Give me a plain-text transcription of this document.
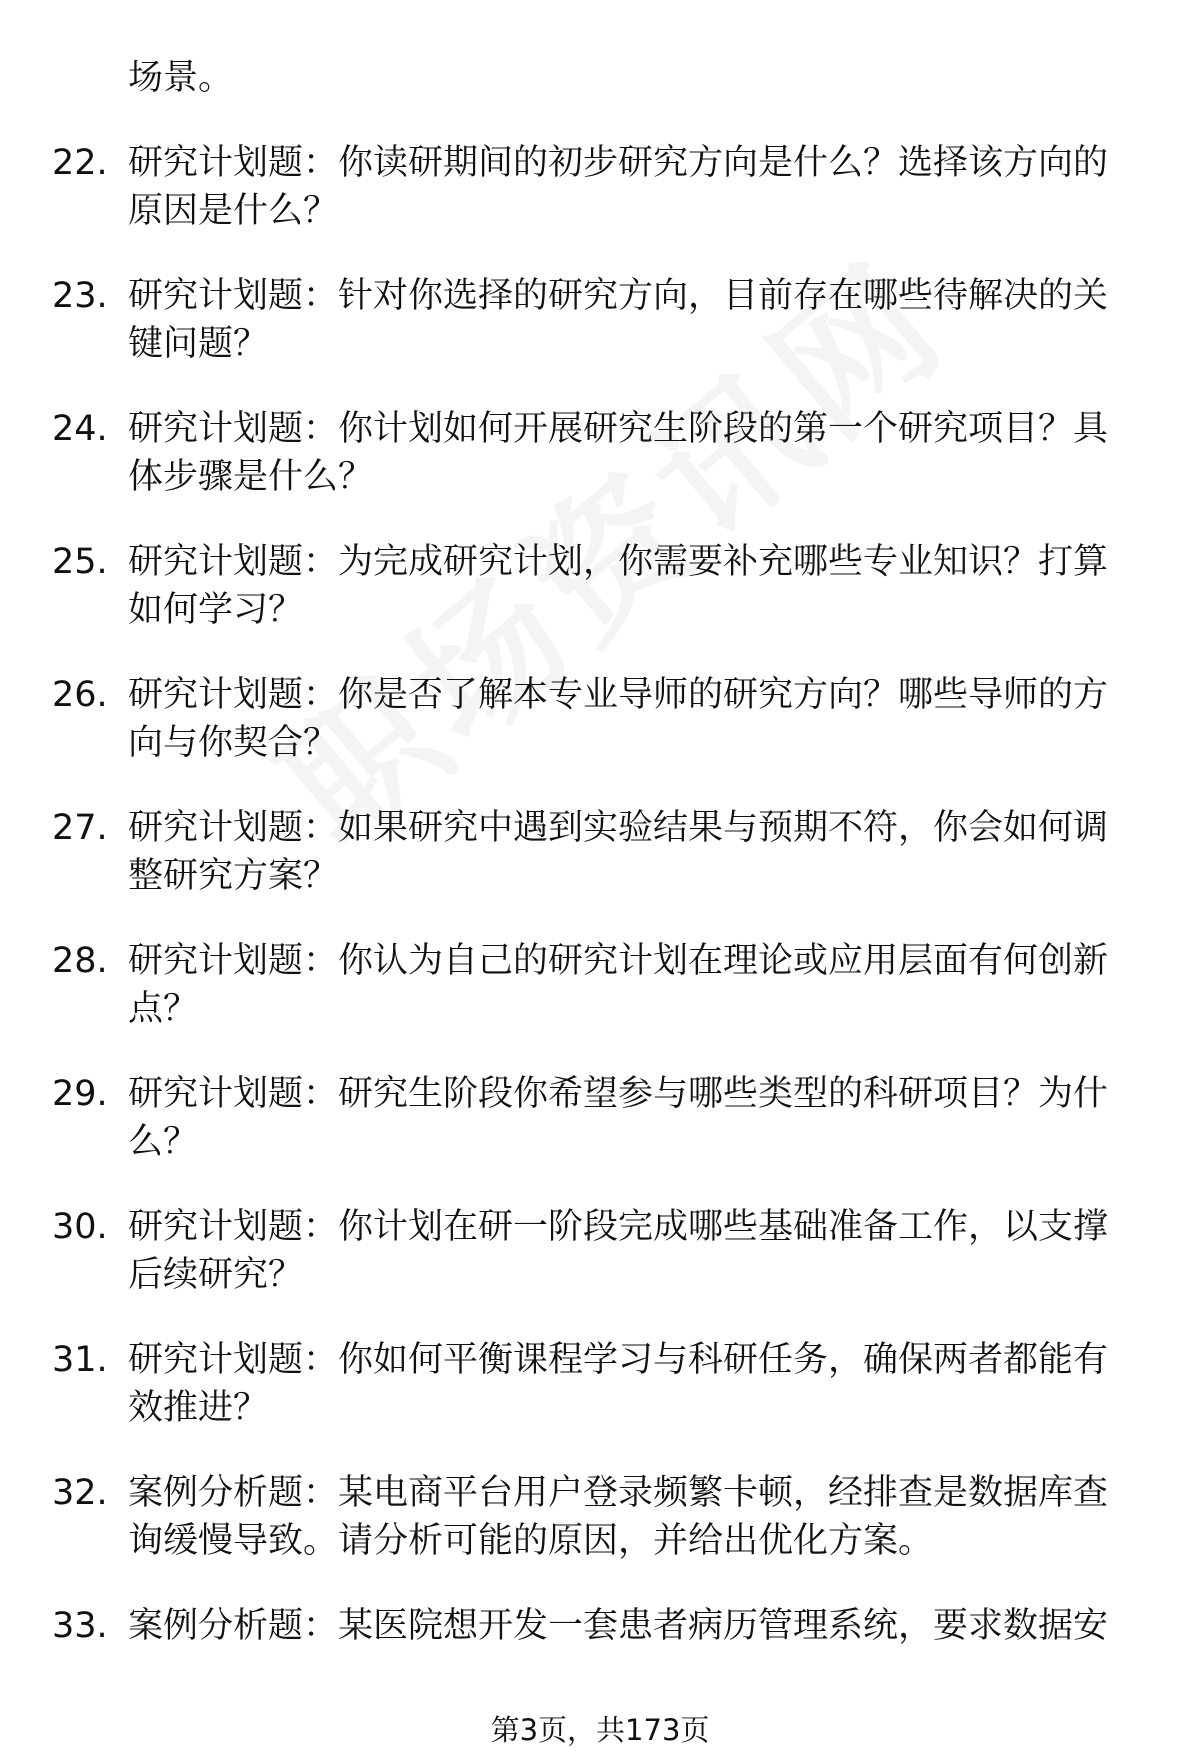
场景。
22. 研究计划题：你读研期间的初步研究方向是什么？选择该方向的原因是什么？
23. 研究计划题：针对你选择的研究方向，目前存在哪些待解决的关键问题？
24. 研究计划题：你计划如何开展研究生阶段的第一个研究项目？具体步骤是什么？
25. 研究计划题：为完成研究计划，你需要补充哪些专业知识？打算如何学习？
26. 研究计划题：你是否了解本专业导师的研究方向？哪些导师的方向与你契合？
27. 研究计划题：如果研究中遇到实验结果与预期不符，你会如何调整研究方案？
28. 研究计划题：你认为自己的研究计划在理论或应用层面有何创新点？
29. 研究计划题：研究生阶段你希望参与哪些类型的科研项目？为什么？
30. 研究计划题：你计划在研一阶段完成哪些基础准备工作，以支撑后续研究？
31. 研究计划题：你如何平衡课程学习与科研任务，确保两者都能有效推进？
32. 案例分析题：某电商平台用户登录频繁卡顿，经排查是数据库查询缓慢导致。请分析可能的原因，并给出优化方案。
33. 案例分析题：某医院想开发一套患者病历管理系统，要求数据安
第3页，共173页
